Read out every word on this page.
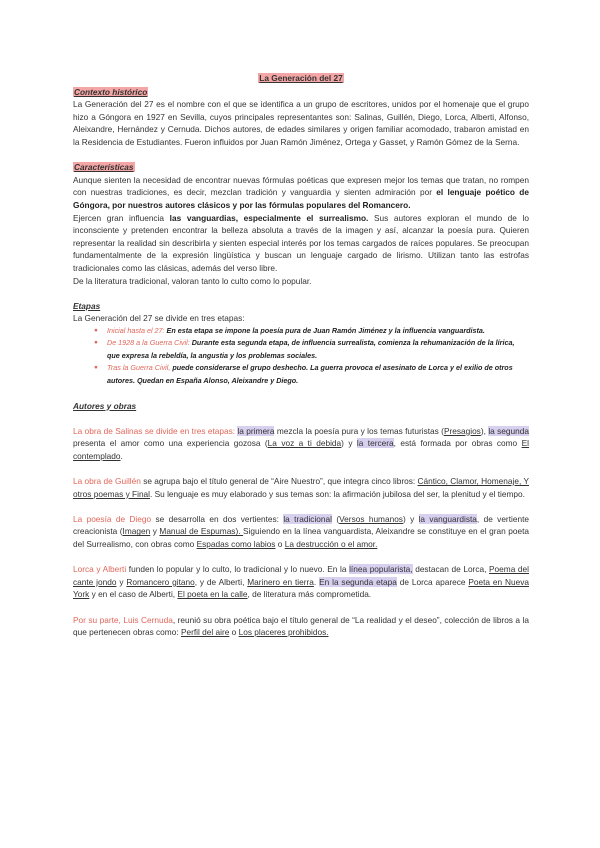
La Generación del 27
Contexto histórico

La Generación del 27 es el nombre con el que se identifica a un grupo de escritores, unidos por el homenaje que el grupo hizo a Góngora en 1927 en Sevilla, cuyos principales representantes son: Salinas, Guillén, Diego, Lorca, Alberti, Alfonso, Aleixandre, Hernández y Cernuda. Dichos autores, de edades similares y origen familiar acomodado, trabaron amistad en la Residencia de Estudiantes. Fueron influidos por Juan Ramón Jiménez, Ortega y Gasset, y Ramón Gómez de la Serna.

Características

Aunque sienten la necesidad de encontrar nuevas fórmulas poéticas que expresen mejor los temas que tratan, no rompen con nuestras tradiciones, es decir, mezclan tradición y vanguardia y sienten admiración por el lenguaje poético de Góngora, por nuestros autores clásicos y por las fórmulas populares del Romancero.

Ejercen gran influencia las vanguardias, especialmente el surrealismo. Sus autores exploran el mundo de lo inconsciente y pretenden encontrar la belleza absoluta a través de la imagen y así, alcanzar la poesía pura. Quieren representar la realidad sin describirla y sienten especial interés por los temas cargados de raíces populares. Se preocupan fundamentalmente de la expresión lingüística y buscan un lenguaje cargado de lirismo. Utilizan tanto las estrofas tradicionales como las clásicas, además del verso libre.

De la literatura tradicional, valoran tanto lo culto como lo popular.

Etapas

La Generación del 27 se divide en tres etapas:

● Inicial hasta el 27: En esta etapa se impone la poesía pura de Juan Ramón Jiménez y la influencia vanguardista.
● De 1928 a la Guerra Civil: Durante esta segunda etapa, de influencia surrealista, comienza la rehumanización de la lírica, que expresa la rebeldía, la angustia y los problemas sociales.
● Tras la Guerra Civil, puede considerarse el grupo deshecho. La guerra provoca el asesinato de Lorca y el exilio de otros autores. Quedan en España Alonso, Aleixandre y Diego.
Autores y obras

La obra de Salinas se divide en tres etapas: la primera mezcla la poesía pura y los temas futuristas (Presagios), la segunda presenta el amor como una experiencia gozosa (La voz a ti debida) y la tercera, está formada por obras como El contemplado.

La obra de Guillén se agrupa bajo el título general de “Aire Nuestro”, que integra cinco libros: Cántico, Clamor, Homenaje, Y otros poemas y Final. Su lenguaje es muy elaborado y sus temas son: la afirmación jubilosa del ser, la plenitud y el tiempo.

La poesía de Diego se desarrolla en dos vertientes: la tradicional (Versos humanos) y la vanguardista, de vertiente creacionista (Imagen y Manual de Espumas). Siguiendo en la línea vanguardista, Aleixandre se constituye en el gran poeta del Surrealismo, con obras como Espadas como labios o La destrucción o el amor.

Lorca y Alberti funden lo popular y lo culto, lo tradicional y lo nuevo. En la línea popularista, destacan de Lorca, Poema del cante jondo y Romancero gitano, y de Alberti, Marinero en tierra. En la segunda etapa de Lorca aparece Poeta en Nueva York y en el caso de Alberti, El poeta en la calle, de literatura más comprometida.

Por su parte, Luis Cernuda, reunió su obra poética bajo el título general de “La realidad y el deseo”, colección de libros a la que pertenecen obras como: Perfil del aire o Los placeres prohibidos.
